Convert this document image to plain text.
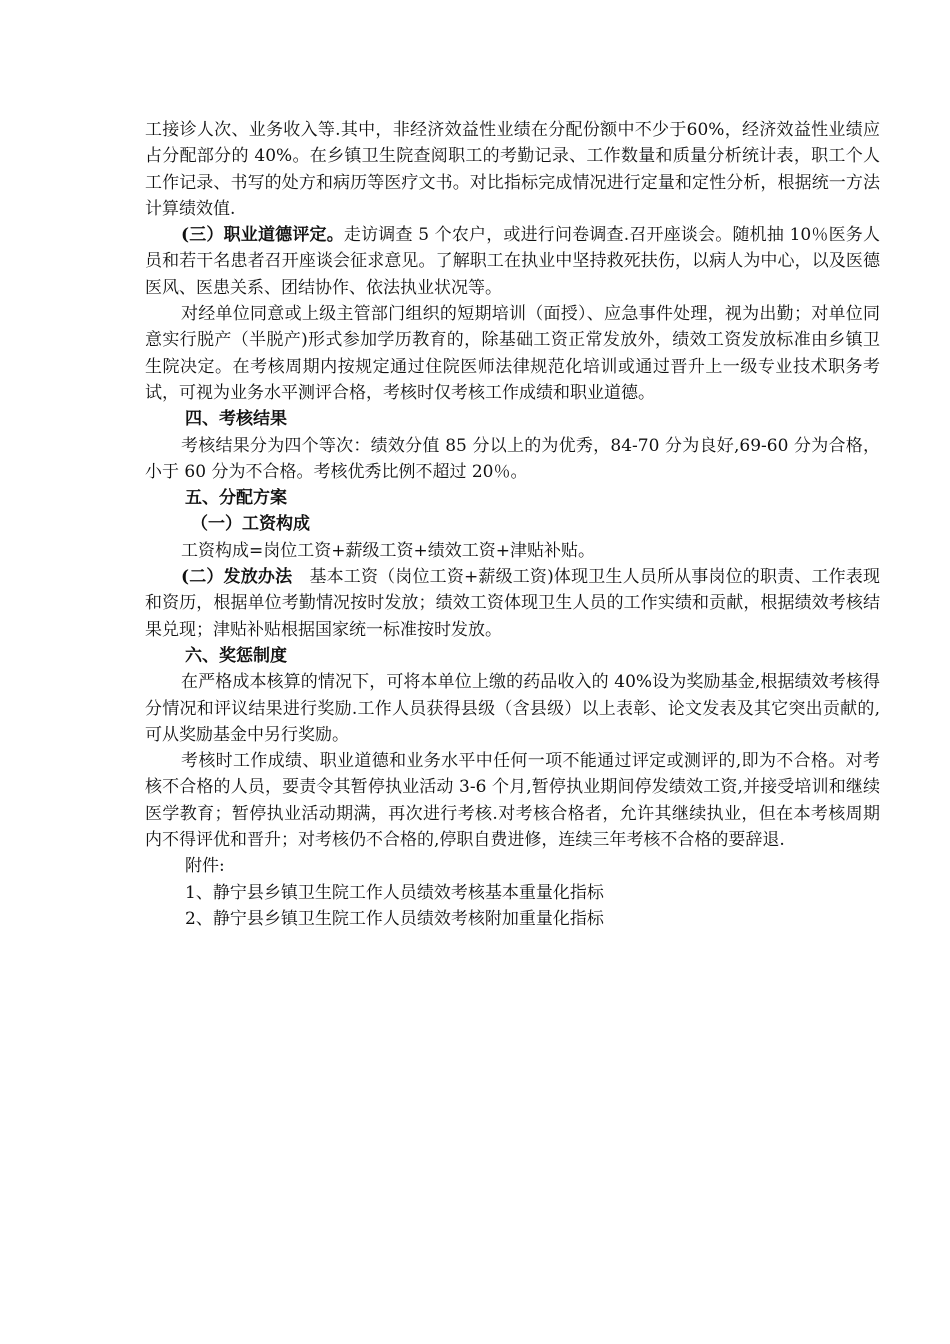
工接诊人次、业务收入等.其中，非经济效益性业绩在分配份额中不少于60%，经济效益性业绩应占分配部分的 40%。在乡镇卫生院查阅职工的考勤记录、工作数量和质量分析统计表，职工个人工作记录、书写的处方和病历等医疗文书。对比指标完成情况进行定量和定性分析，根据统一方法计算绩效值.

(三）职业道德评定。走访调查 5 个农户，或进行问卷调查.召开座谈会。随机抽 10％医务人员和若干名患者召开座谈会征求意见。了解职工在执业中坚持救死扶伤，以病人为中心，以及医德医风、医患关系、团结协作、依法执业状况等。

对经单位同意或上级主管部门组织的短期培训（面授）、应急事件处理，视为出勤；对单位同意实行脱产（半脱产)形式参加学历教育的，除基础工资正常发放外，绩效工资发放标准由乡镇卫生院决定。在考核周期内按规定通过住院医师法律规范化培训或通过晋升上一级专业技术职务考试，可视为业务水平测评合格，考核时仅考核工作成绩和职业道德。

四、考核结果

考核结果分为四个等次：绩效分值 85 分以上的为优秀，84-70 分为良好,69-60 分为合格，小于 60 分为不合格。考核优秀比例不超过 20％。

五、分配方案

（一）工资构成

工资构成=岗位工资+薪级工资+绩效工资+津贴补贴。

(二）发放办法　基本工资（岗位工资+薪级工资)体现卫生人员所从事岗位的职责、工作表现和资历，根据单位考勤情况按时发放；绩效工资体现卫生人员的工作实绩和贡献，根据绩效考核结果兑现；津贴补贴根据国家统一标准按时发放。

六、奖惩制度

在严格成本核算的情况下，可将本单位上缴的药品收入的 40%设为奖励基金,根据绩效考核得分情况和评议结果进行奖励.工作人员获得县级（含县级）以上表彰、论文发表及其它突出贡献的,可从奖励基金中另行奖励。

考核时工作成绩、职业道德和业务水平中任何一项不能通过评定或测评的,即为不合格。对考核不合格的人员，要责令其暂停执业活动 3-6 个月,暂停执业期间停发绩效工资,并接受培训和继续医学教育；暂停执业活动期满，再次进行考核.对考核合格者，允许其继续执业，但在本考核周期内不得评优和晋升；对考核仍不合格的,停职自费进修，连续三年考核不合格的要辞退.

附件:

1、静宁县乡镇卫生院工作人员绩效考核基本重量化指标

2、静宁县乡镇卫生院工作人员绩效考核附加重量化指标
